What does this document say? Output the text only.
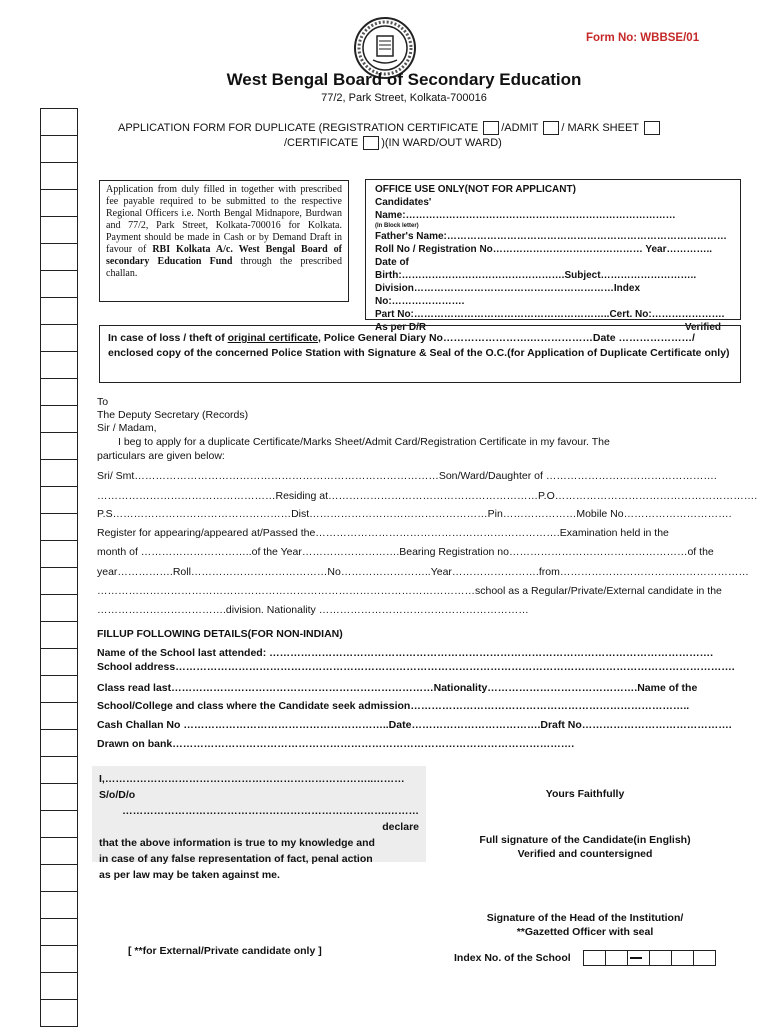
Form No: WBBSE/01
West Bengal Board of Secondary Education
77/2, Park Street, Kolkata-700016
APPLICATION FORM FOR DUPLICATE (REGISTRATION CERTIFICATE /ADMIT / MARK SHEET
/CERTIFICATE )(IN WARD/OUT WARD)
Application from duly filled in together with prescribed fee payable required to be submitted to the respective Regional Officers i.e. North Bengal Midnapore, Burdwan and 77/2, Park Street, Kolkata-700016 for Kolkata. Payment should be made in Cash or by Demand Draft in favour of RBI Kolkata A/c. West Bengal Board of secondary Education Fund through the prescribed challan.
OFFICE USE ONLY(NOT FOR APPLICANT)
Candidates' Name:………………………………………………………………………
(In Block letter)
Father's Name:…………………………………………………………………………
Roll No / Registration No……………………………………… Year…………..
Date of Birth:………………………………………….Subject………………………..
Division……………………………………………………Index No:………………….
Part No:…………………………………………………..Cert. No:………………….
As per D/R	Verified
In case of loss / theft of original certificate, Police General Diary No…………………….………………Date …………………/ enclosed copy of the concerned Police Station with Signature & Seal of the O.C.(for Application of Duplicate Certificate only)
To
The Deputy Secretary (Records)
Sir / Madam,
I beg to apply for a duplicate Certificate/Marks Sheet/Admit Card/Registration Certificate in my favour. The
particulars are given below:
Sri/ Smt……………………………………………………………………………Son/Ward/Daughter of ………………………………………….
……………………………………………Residing at……………………………………………………P.O………………………………………………….
P.S……………………………………………Dist……………………………………………Pin…………………Mobile No………………………….
Register for appearing/appeared at/Passed the…………………………………………………………….Examination held in the
month of …………………………..of the Year……………………….Bearing Registration no……………………………………………of the
year…………….Roll…………………………………No……………………..Year…………………….from………………………………………………
………………………………………………………………………………………………school as a Regular/Private/External candidate in the
……………………………….division. Nationality ……………………………………………………
FILLUP FOLLOWING DETAILS(FOR NON-INDIAN)
Name of the School last attended: ……………………………………………………………………………………………………………….
School address…………………………………………………………………………………………………………………………………………….
Class read last…………………………………………………………………Nationality…………………………………….Name of the
School/College and class where the Candidate seek admission……………………………………………………………………..
Cash Challan No …………………………………………………..Date……………………………….Draft No…………………………………….
Drawn on bank…………………………………………………………………………………………………….
I,…………………………………………………………………..………S/o/D/o
………………………………………………………………….……… declare
that the above information is true to my knowledge and
in case of any false representation of fact, penal action
as per law may be taken against me.
Yours Faithfully
Full signature of the Candidate(in English)
Verified and countersigned
Signature of the Head of the Institution/
**Gazetted Officer with seal
[ **for External/Private candidate only ]
Index No. of the School
